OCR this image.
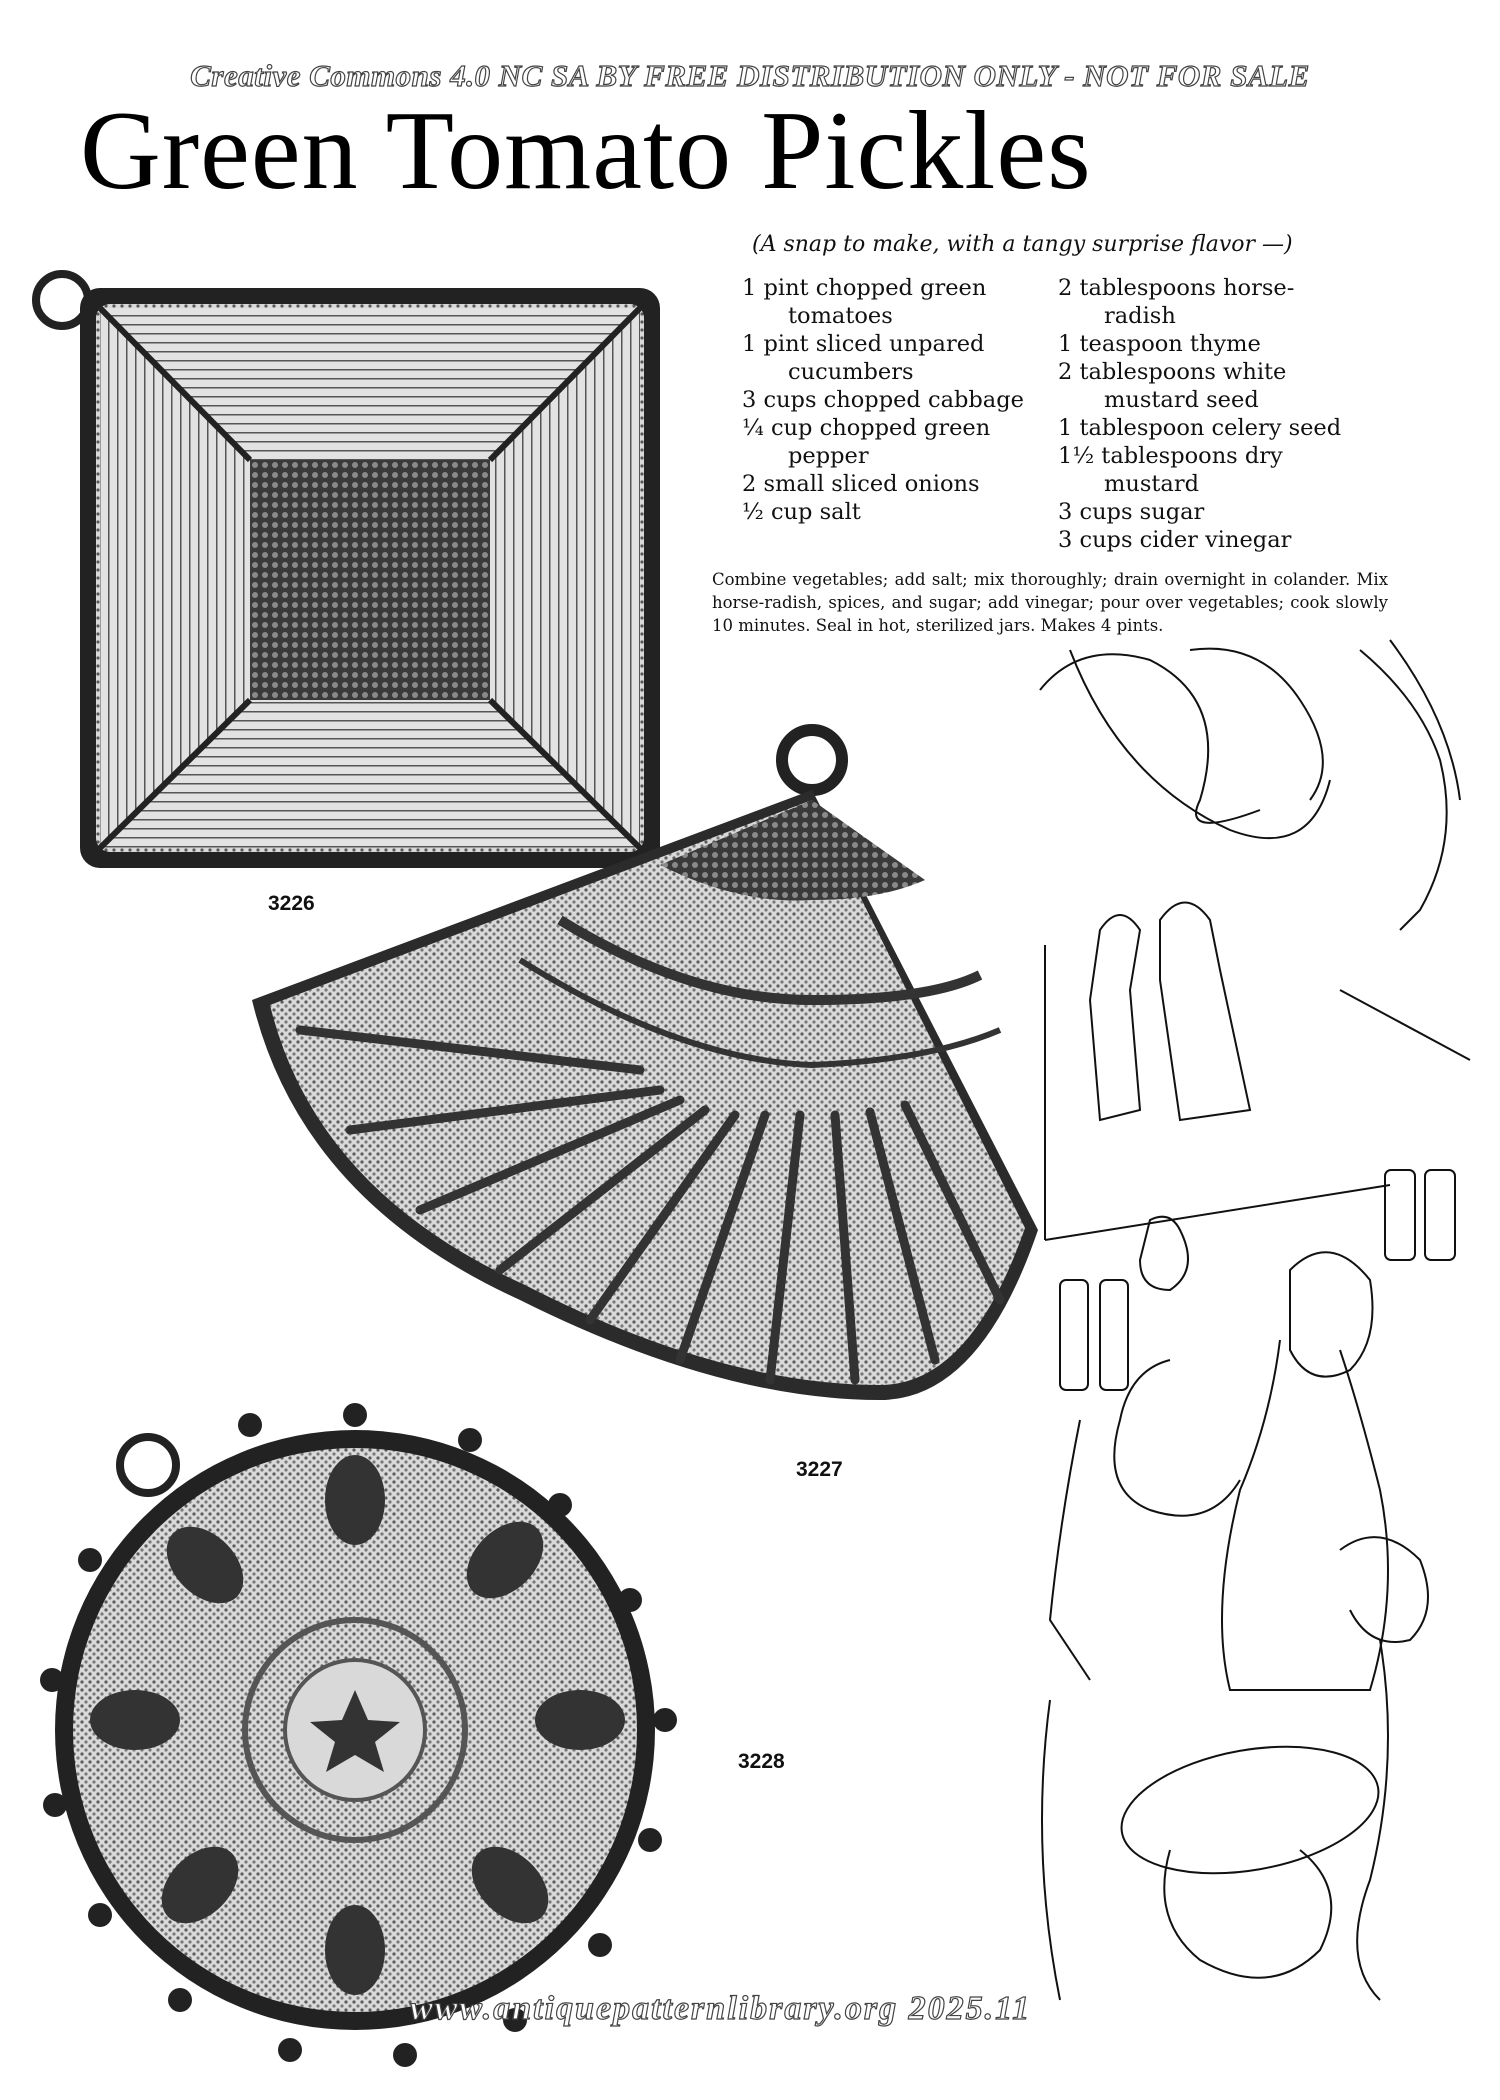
Creative Commons 4.0 NC SA BY FREE DISTRIBUTION ONLY - NOT FOR SALE
Green Tomato Pickles
(A snap to make, with a tangy surprise flavor —)
1 pint chopped green
tomatoes
1 pint sliced unpared
cucumbers
3 cups chopped cabbage
¼ cup chopped green
pepper
2 small sliced onions
½ cup salt
2 tablespoons horse-
radish
1 teaspoon thyme
2 tablespoons white
mustard seed
1 tablespoon celery seed
1½ tablespoons dry
mustard
3 cups sugar
3 cups cider vinegar
Combine vegetables; add salt; mix thoroughly; drain overnight in colander. Mix horse-radish, spices, and sugar; add vinegar; pour over vegetables; cook slowly 10 minutes. Seal in hot, sterilized jars. Makes 4 pints.
3226
3227
3228
www.antiquepatternlibrary.org 2025.11
